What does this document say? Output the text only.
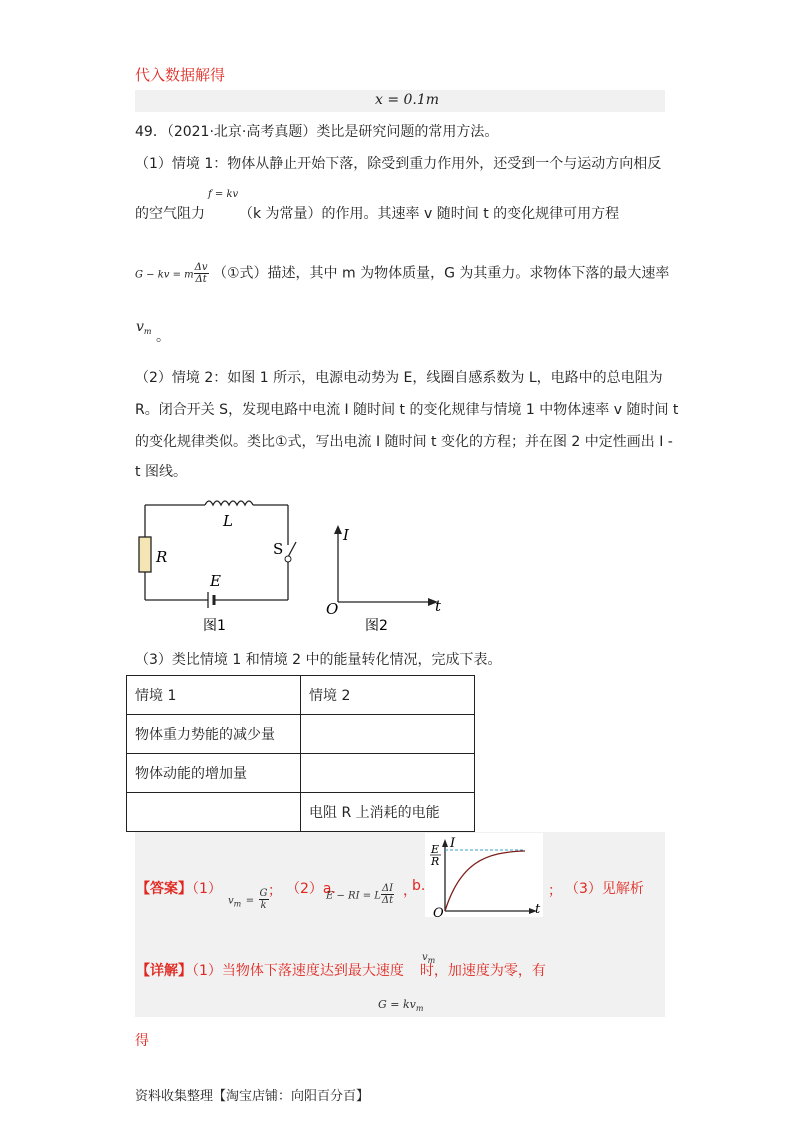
代入数据解得
x = 0.1m
49．（2021·北京·高考真题）类比是研究问题的常用方法。
（1）情境 1：物体从静止开始下落，除受到重力作用外，还受到一个与运动方向相反
f = kv
的空气阻力 （k 为常量）的作用。其速率 v 随时间 t 的变化规律可用方程
G − kv = m $\frac{\Delta v}{\Delta t}$ （①式）描述，其中 m 为物体质量，G 为其重力。求物体下落的最大速率
$v_m$ 。
（2）情境 2：如图 1 所示，电源电动势为 E，线圈自感系数为 L，电路中的总电阻为
R。闭合开关 S，发现电路中电流 I 随时间 t 的变化规律与情境 1 中物体速率 v 随时间 t
的变化规律类似。类比①式，写出电流 I 随时间 t 变化的方程；并在图 2 中定性画出 I -
t 图线。
L
R	S
E
图1
I
O	t
图2
（3）类比情境 1 和情境 2 中的能量转化情况，完成下表。
情境 1	情境 2
物体重力势能的减少量	
物体动能的增加量	
	电阻 R 上消耗的电能
I
E
R
O	t
【答案】（1）
$v_m = \frac{G}{k}$ ； （2）a.
E − RI = L $\frac{\Delta I}{\Delta t}$ ，
b.	； （3）见解析
$v_m$
【详解】（1）当物体下落速度达到最大速度 时，加速度为零，有
$G = kv_m$
得
资料收集整理【淘宝店铺：向阳百分百】
